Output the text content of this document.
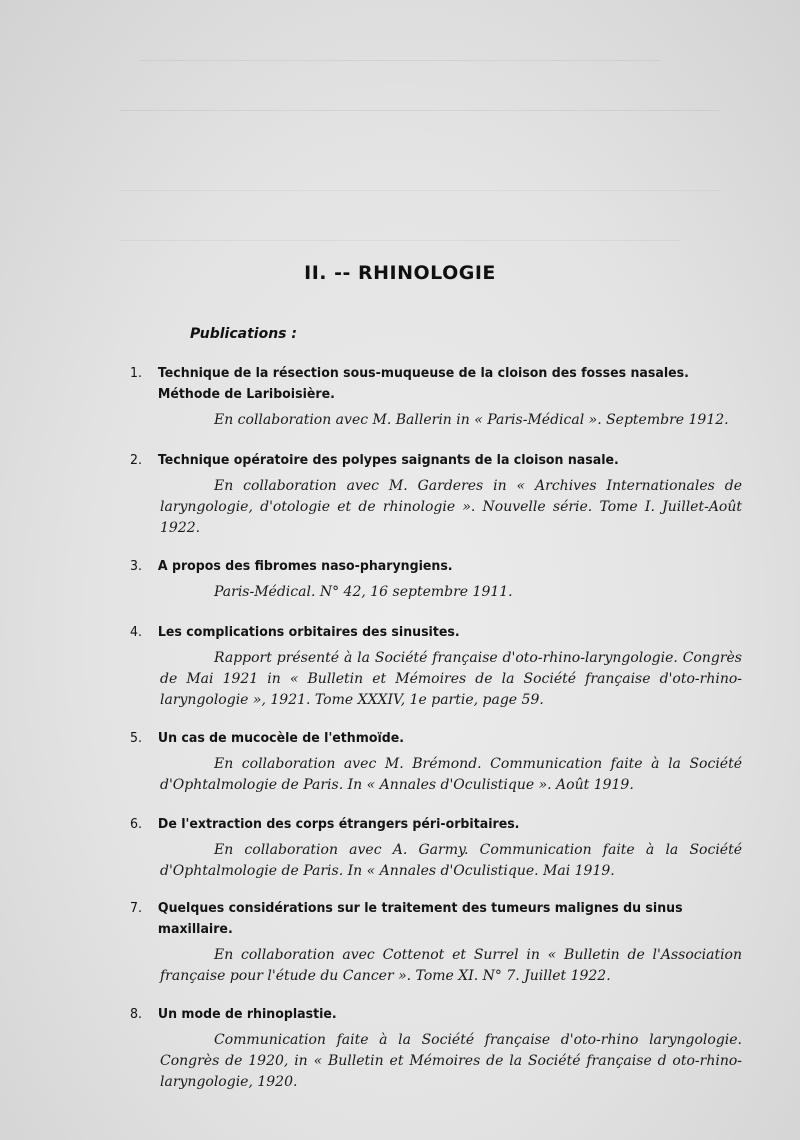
II. -- RHINOLOGIE
Publications :
1. Technique de la résection sous-muqueuse de la cloison des fosses nasales. Méthode de Lariboisière.
En collaboration avec M. Ballerin in « Paris-Médical ». Septembre 1912.
2. Technique opératoire des polypes saignants de la cloison nasale.
En collaboration avec M. Garderes in « Archives Internationales de laryngologie, d'otologie et de rhinologie ». Nouvelle série. Tome I. Juillet-Août 1922.
3. A propos des fibromes naso-pharyngiens.
Paris-Médical. N° 42, 16 septembre 1911.
4. Les complications orbitaires des sinusites.
Rapport présenté à la Société française d'oto-rhino-laryngologie. Congrès de Mai 1921 in « Bulletin et Mémoires de la Société française d'oto-rhino-laryngologie », 1921. Tome XXXIV, 1e partie, page 59.
5. Un cas de mucocèle de l'ethmoïde.
En collaboration avec M. Brémond. Communication faite à la Société d'Ophtalmologie de Paris. In « Annales d'Oculistique ». Août 1919.
6. De l'extraction des corps étrangers péri-orbitaires.
En collaboration avec A. Garmy. Communication faite à la Société d'Ophtalmologie de Paris. In « Annales d'Oculistique. Mai 1919.
7. Quelques considérations sur le traitement des tumeurs malignes du sinus maxillaire.
En collaboration avec Cottenot et Surrel in « Bulletin de l'Association française pour l'étude du Cancer ». Tome XI. N° 7. Juillet 1922.
8. Un mode de rhinoplastie.
Communication faite à la Société française d'oto-rhino laryngologie. Congrès de 1920, in « Bulletin et Mémoires de la Société française d oto-rhino-laryngologie, 1920.
